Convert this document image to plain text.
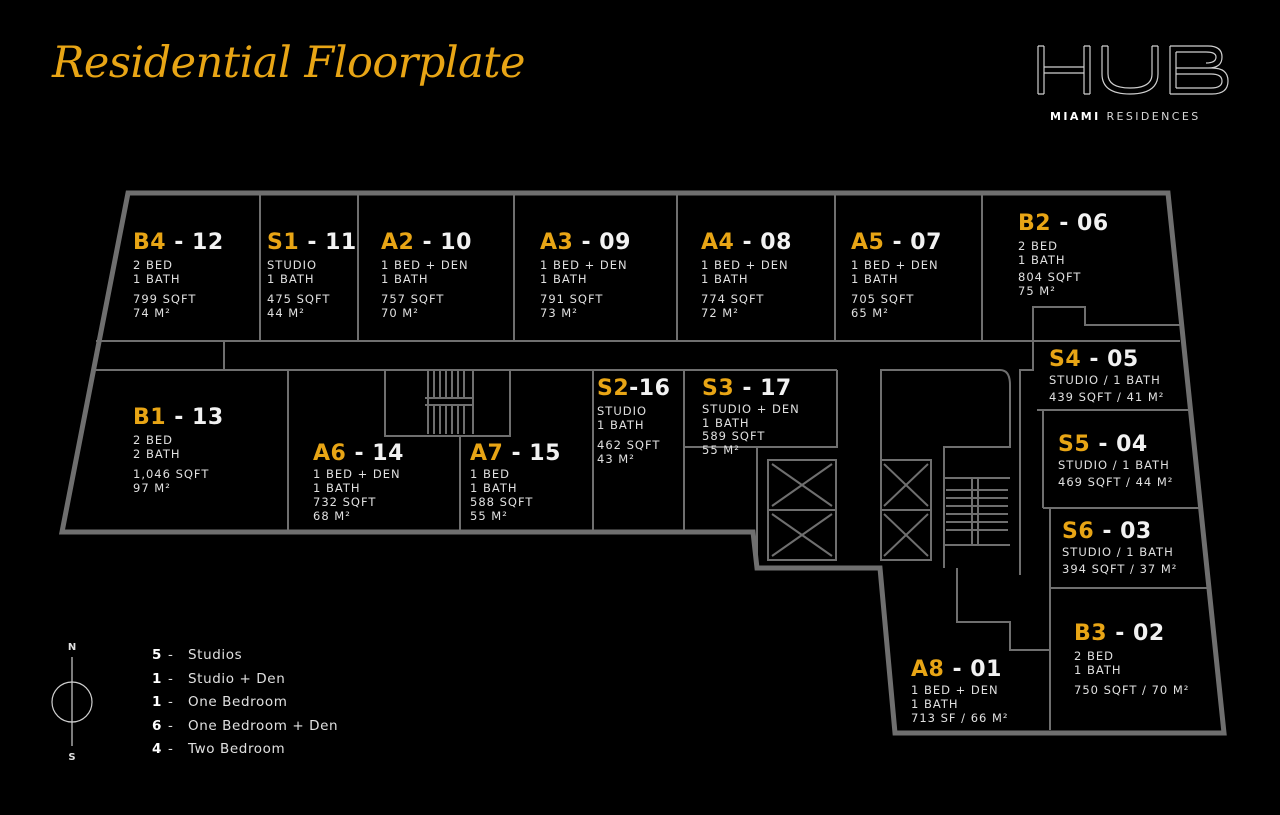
Residential Floorplate
MIAMI RESIDENCES
B4 - 12
2 BED
1 BATH
799 SQFT
74 M²
S1 - 11
STUDIO
1 BATH
475 SQFT
44 M²
A2 - 10
1 BED + DEN
1 BATH
757 SQFT
70 M²
A3 - 09
1 BED + DEN
1 BATH
791 SQFT
73 M²
A4 - 08
1 BED + DEN
1 BATH
774 SQFT
72 M²
A5 - 07
1 BED + DEN
1 BATH
705 SQFT
65 M²
B2 - 06
2 BED
1 BATH
804 SQFT
75 M²
S4 - 05
STUDIO / 1 BATH
439 SQFT / 41 M²
S5 - 04
STUDIO / 1 BATH
469 SQFT / 44 M²
S6 - 03
STUDIO / 1 BATH
394 SQFT / 37 M²
B3 - 02
2 BED
1 BATH
750 SQFT / 70 M²
A8 - 01
1 BED + DEN
1 BATH
713 SF / 66 M²
B1 - 13
2 BED
2 BATH
1,046 SQFT
97 M²
A6 - 14
1 BED + DEN
1 BATH
732 SQFT
68 M²
A7 - 15
1 BED
1 BATH
588 SQFT
55 M²
S2-16
STUDIO
1 BATH
462 SQFT
43 M²
S3 - 17
STUDIO + DEN
1 BATH
589 SQFT
55 M²
N
S
5 - Studios
1 - Studio + Den
1 - One Bedroom
6 - One Bedroom + Den
4 - Two Bedroom
